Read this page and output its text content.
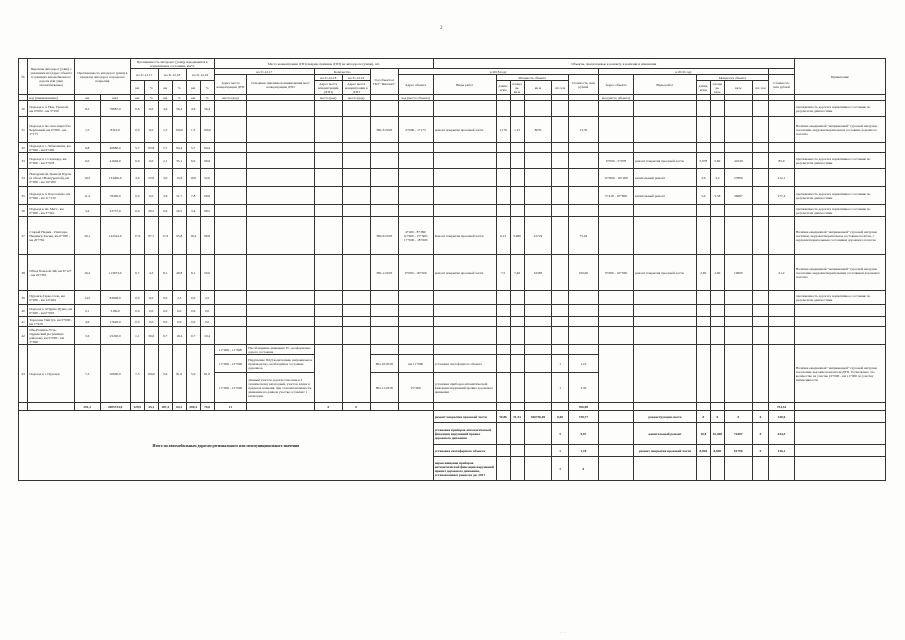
2
№	Перечень автодорог (улиц) с указанием их (адрес объекта в границах автомобильного дороги или улиц автомобильные)	Протяженность автодорог (улиц) в пределах автодорог в пределах покрытия		Протяженность автодорог (улиц), находящихся в нормативном состоянии, км/%						Места концентрации ДТП (аварии, причины ДТП) на автодороге (улице), шт.						Объекты, предлагаемые к ремонту, в наличии и изменения													Примечание
				на 31.12.17		на 31.12.18		на 31.12.19		на 31.12.17		Количество		Год объекта в ГКУ "Ямалавт"	в 2018 году							в 2019 году							
										Адрес места концентрации ДТП	Основные причины возникновения мест концентрации ДТП	на 31.12.18	на 31.12.19		Адрес объекта	Виды работ	Мощность объекта				Стоимость, млн рублей	Адрес объекта	Виды работ	Мощность объекта				Стоимость, млн рублей	
				км	%	км	%	км	%			Адрес места концентрации (ДТП)	Адрес места концентрации в ДТП				длина, м/км	площадь, кв.м	кв м	шт. п.м				длина, м/км	площадь, кв.м	кв м	шт. п.м		
	код (наименование)	км	км2	км	%	км	%	км	%	место (код)		место (код)	место (код)		код (место объекта)							код (место объекта)							
30	Подъезд к п. Нов. Уренгой, км 0+000 - км 3+250	8,2	76887,0	0,8	0,0	4,6	56,4	4,6	56,4																				протяженность дороги в нормативное состояние по результатам диагностики
31	Подъезд к пос.нов.энергобаз Берёзовый, км 0+000 - км 1+175	1,5	8310,0	0,0	0,0	1,5	100,0	1,5	100,0					НО-3/2018	0+000 - 1+175	ремонт покрытия проезжей части	1,176	1,15	8070		13,35								Наличие ежедневной "напряженной" грузовой нагрузки поселения, неудовлетворительное состояние дорожного полотна
32	Подъезд к г. Лабытнанги, км 0+000 - км 6+400	6,8	40880,0	5,7	83,8	5,7	84,4	5,7	84,4																				
33	Подъезд к г. Салехард, км 0+000 - км 5+978	6,0	41646,0	0,0	0,0	2,1	35,1	6,0	99,6													0+000 - 5+978	ремонт покрытия проезжей части	5,978	5,60	41040		85,9	протяженность дороги в нормативное состояние по результатам диагностики
34	Новоуренгой-Уренгой Пурпе (в обход г.Новоуренгой), км 0+000 - км 19+200	19,2	134400,0	4,6	23,9	3,0	15,6	10,0	52,0													12+600 - 16+200	капитальный ремонт	3,6	3,4	27800		212,1	
35	Подъезд к п. Коротчаево, км 0+000 - км 11+150	11,2	78400,0	0,0	0,0	3,6	31,7	7,8	69,6													5+418 - 10+800	капитальный ремонт	5,4	5,38	36687		277,4	протяженность дороги в нормативное состояние по результатам диагностики
36	Подъезд к пп. Мегт., км 0+000 - км 3+391	3,4	23737,0	0,9	26,5	0,9	26,5	3,4	98,5																				протяженность дороги в нормативное состояние по результатам диагностики
37	Старый Надым - Пангоды-Ныдинск Хасын, км 0+000 - км 20+762	20,1	142324,0	17,6	87,7	17,6	95,8	19,4	96,8					НО-6/2018	4+020 - 8+380; 11+900 - 15+500; 17+600 - 18+600	Ремонт покрытия проезжей части	6,13	5,986	41724		75,04								Наличие ежедневной "напряженной" грузовой нагрузки посёлков, неудовлетворительное состояние полотна, с неудовлетворительным состоянием дорожного полотна
38	Обход Бальзой, Яй, км 6+127 - км 20+363	16,2	113673,0	0,7	4,3	8,1	49,8	8,1	50,0					НО-1/2018	9+000 - 16+500	ремонт покрытия проезжей части	7,5	7,49	52383		100,00	9+000 - 16+500	ремонт покрытия проезжей части	2,85	2,90	19900		21,2	Наличие ежедневной "напряженной" грузовой нагрузки поселения, неудовлетворительным состоянием дорожного полотна
39	Пуровск-Тарко-Сале, км 0+000 - км 14+464	14,5	83696,0	0,0	0,0	0,0	2,5	0,0	2,5																				протяженность дороги в нормативное состояние по результатам диагностики
40	Подъезд к п.Пурпе-Пурпе, км 0+000 - км 0+093	0,1	3180,0	0,0	0,0	0,0	0,0	0,0	0,0																				
41	Тарасовы Тайгтул, км 0+000 - км 1+929	4,9	17620,0	0,0	0,0	0,0	0,0	0,0	0,0																				
42	Обь-Ратинск-Усть-Ордынский (в границах районов), км 0+000 - км 3+600	3,6	25200,0	1,1	30,6	0,7	19,4	0,7	19,4																				
43	Подъезд к г. Пуровск	7,3	50660,0	7,3	100,0	5,9	81,0	5,9	81,0	11+000 - 11+800	Несоблюдение движения ТС, неоформлено дороге состояние																		Наличие ежедневной "напряженной" грузовой нагрузки поселения, высокие показатели ДТП. Установлено что количество на участке 10+000 - км 11+000 по участку интенсивности
										11+000 - 12+000	Нарушение ПДД водителями, неправильное производство, необходимое состояние дорожное,			НО-10/2018	км 11+000	установка светофорного объекта				1	1,10								
										11+000 - 15+000	Данный участок дороги отнесены к 3 техническому категорией, участок длина в пределах наличия, при этом интенсивности движение на данном участке оставляет 1 категории.			НО-11/2018	15+000	установка приборов автоматической фиксации нарушений правил дорожного движения				1	3,50								
		291,2	2005734,0	129,9	45,1	187,4	64,3	200,4	70,0	11		0	0								766,98							754,54	
Итого по автомобильным дорогам регионального или межмуниципального значения																ремонт покрытия проезжей части	50,86	51,53	360736,00	0,00	738,77		реконструкция моста	0	0	0	0	240,0	
																установка приборов автоматической фиксации нарушений правил дорожного движения				5	9,67		капитальный ремонт	10,8	10,468	74487	0	434,5	
																установка светофорного объекта				1	1,16		ремонт покрытия проезжей части	8,826	8,828	61796	0	136,1	
																переоснащение приборов автоматической фиксации нарушений правил дорожного движения, установленных ранее на дн. 2017				1	0								
· · ·
